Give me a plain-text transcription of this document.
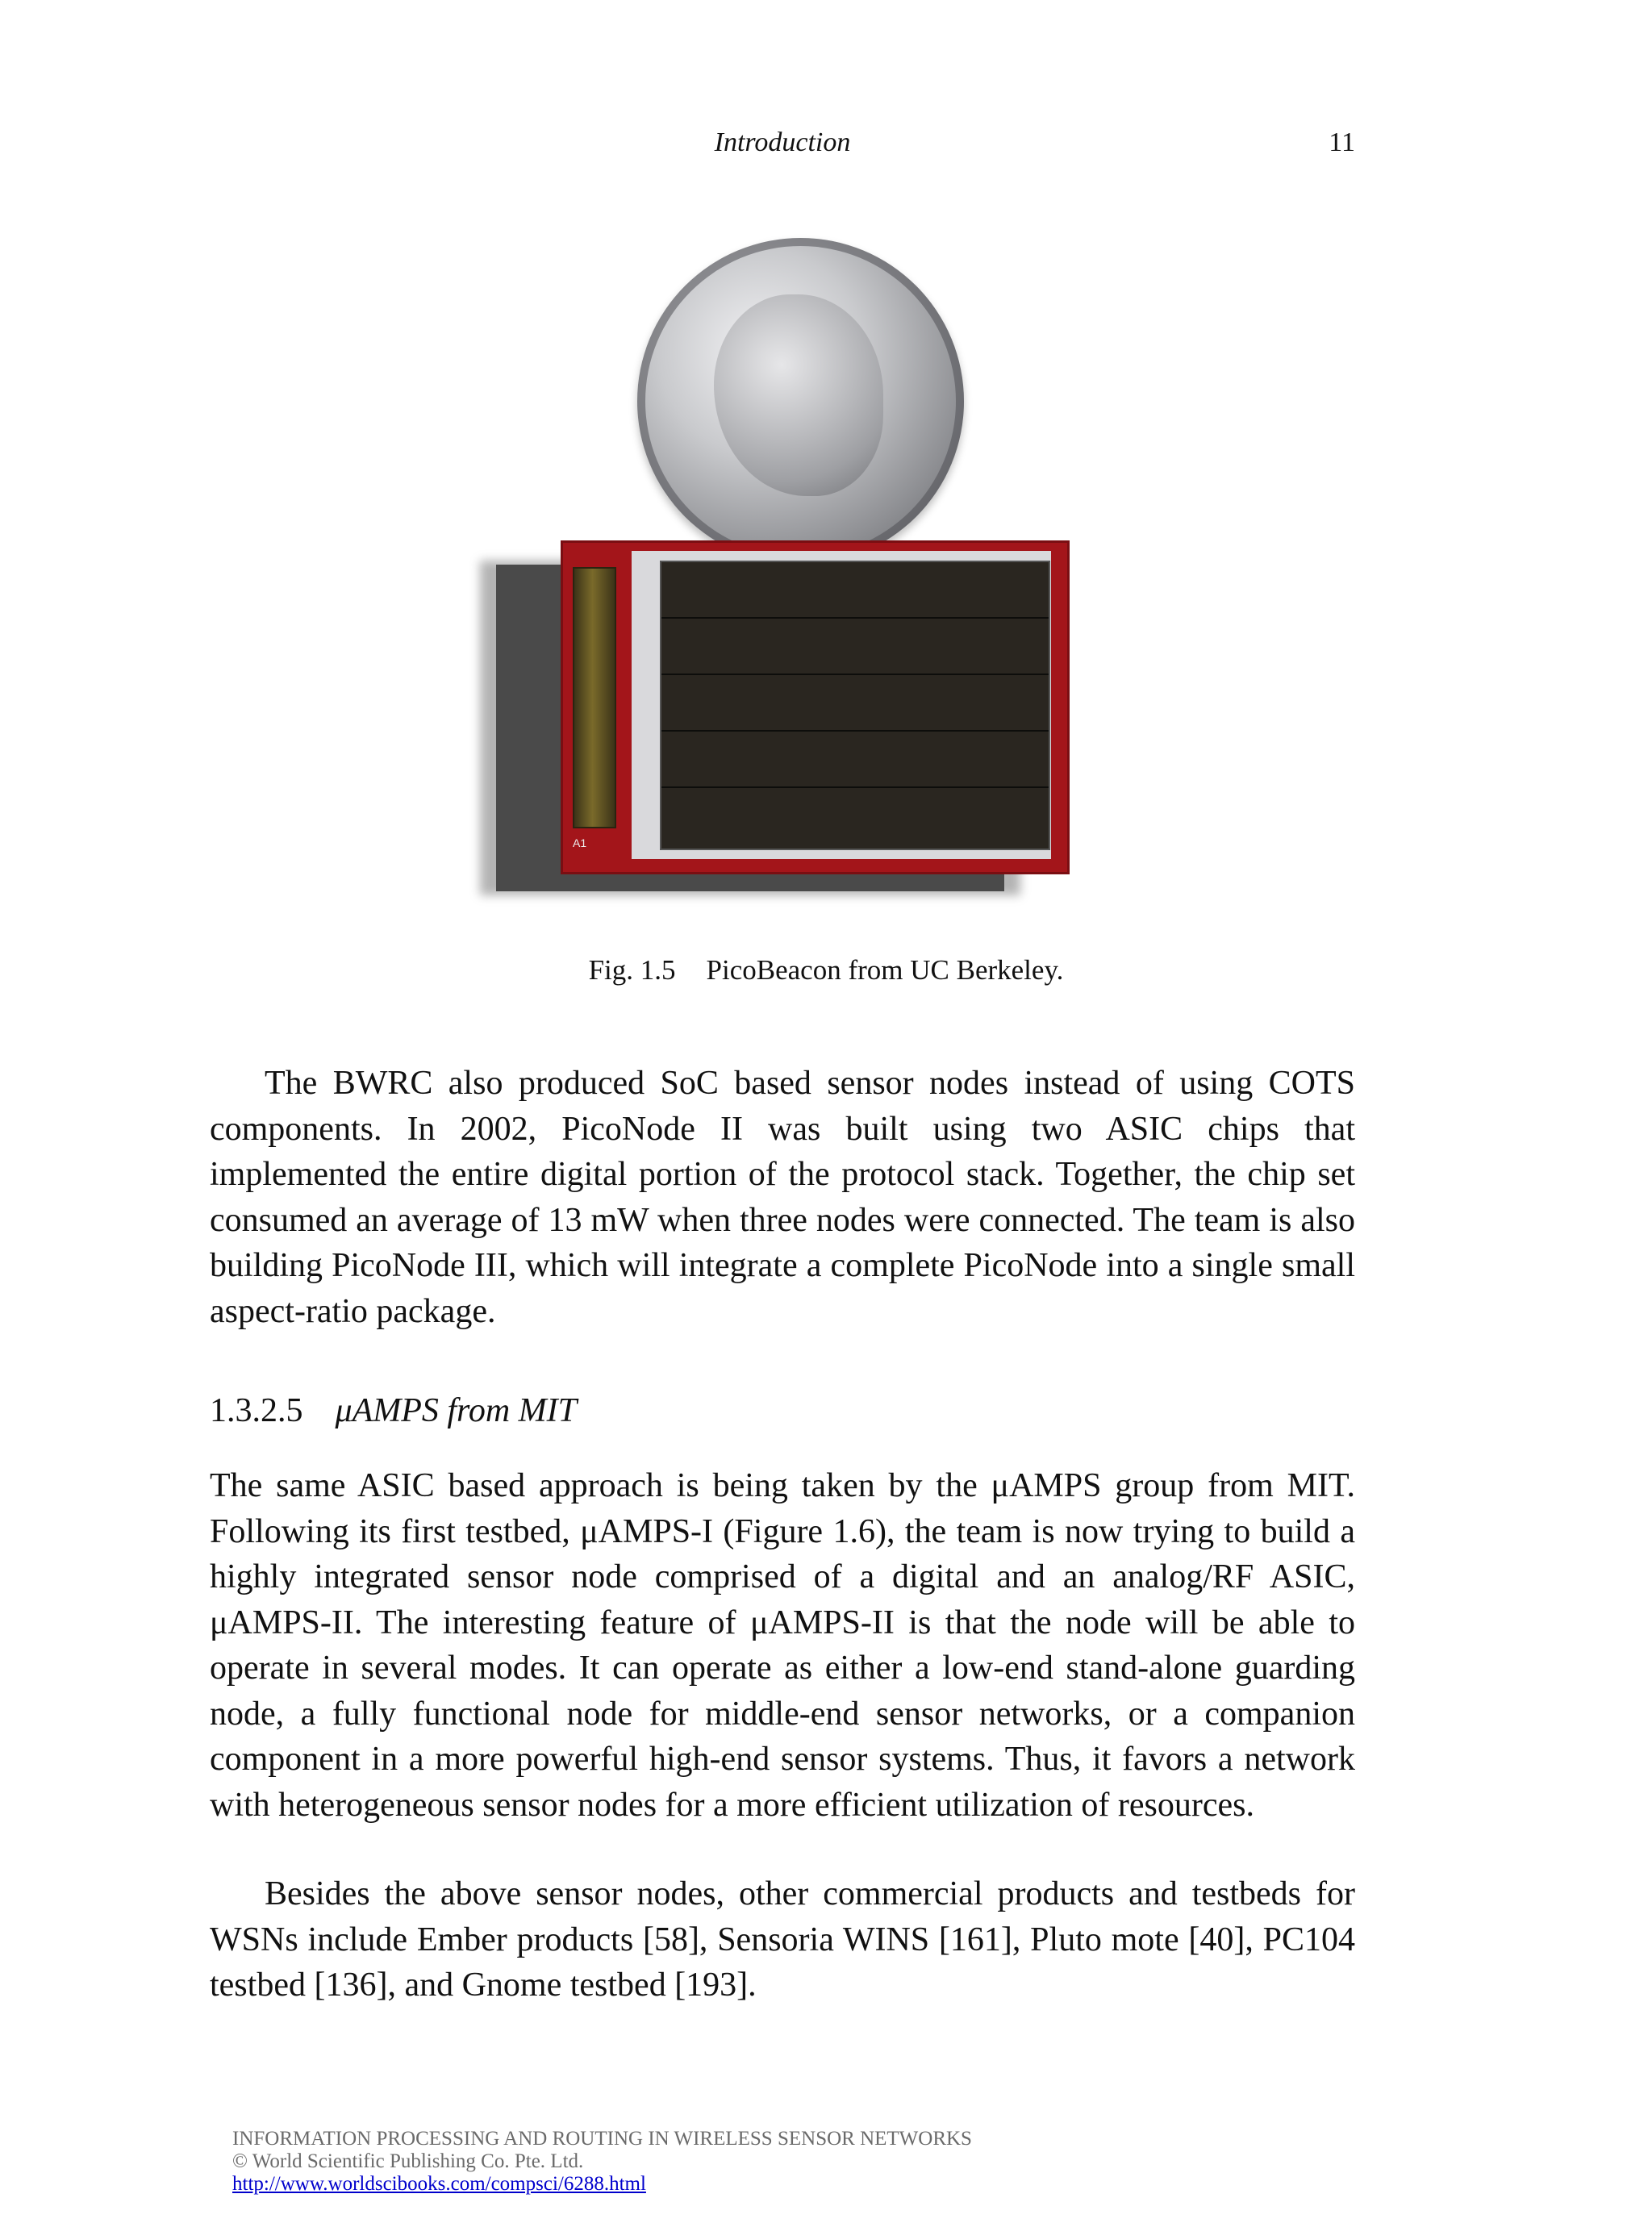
Introduction	11
A1
Fig. 1.5 PicoBeacon from UC Berkeley.

The BWRC also produced SoC based sensor nodes instead of using COTS components. In 2002, PicoNode II was built using two ASIC chips that implemented the entire digital portion of the protocol stack. Together, the chip set consumed an average of 13 mW when three nodes were connected. The team is also building PicoNode III, which will integrate a complete PicoNode into a single small aspect-ratio package.

1.3.2.5 μAMPS from MIT

The same ASIC based approach is being taken by the μAMPS group from MIT. Following its first testbed, μAMPS-I (Figure 1.6), the team is now trying to build a highly integrated sensor node comprised of a digital and an analog/RF ASIC, μAMPS-II. The interesting feature of μAMPS-II is that the node will be able to operate in several modes. It can operate as either a low-end stand-alone guarding node, a fully functional node for middle-end sensor networks, or a companion component in a more powerful high-end sensor systems. Thus, it favors a network with heterogeneous sensor nodes for a more efficient utilization of resources.

Besides the above sensor nodes, other commercial products and testbeds for WSNs include Ember products [58], Sensoria WINS [161], Pluto mote [40], PC104 testbed [136], and Gnome testbed [193].

INFORMATION PROCESSING AND ROUTING IN WIRELESS SENSOR NETWORKS
© World Scientific Publishing Co. Pte. Ltd.
http://www.worldscibooks.com/compsci/6288.html
